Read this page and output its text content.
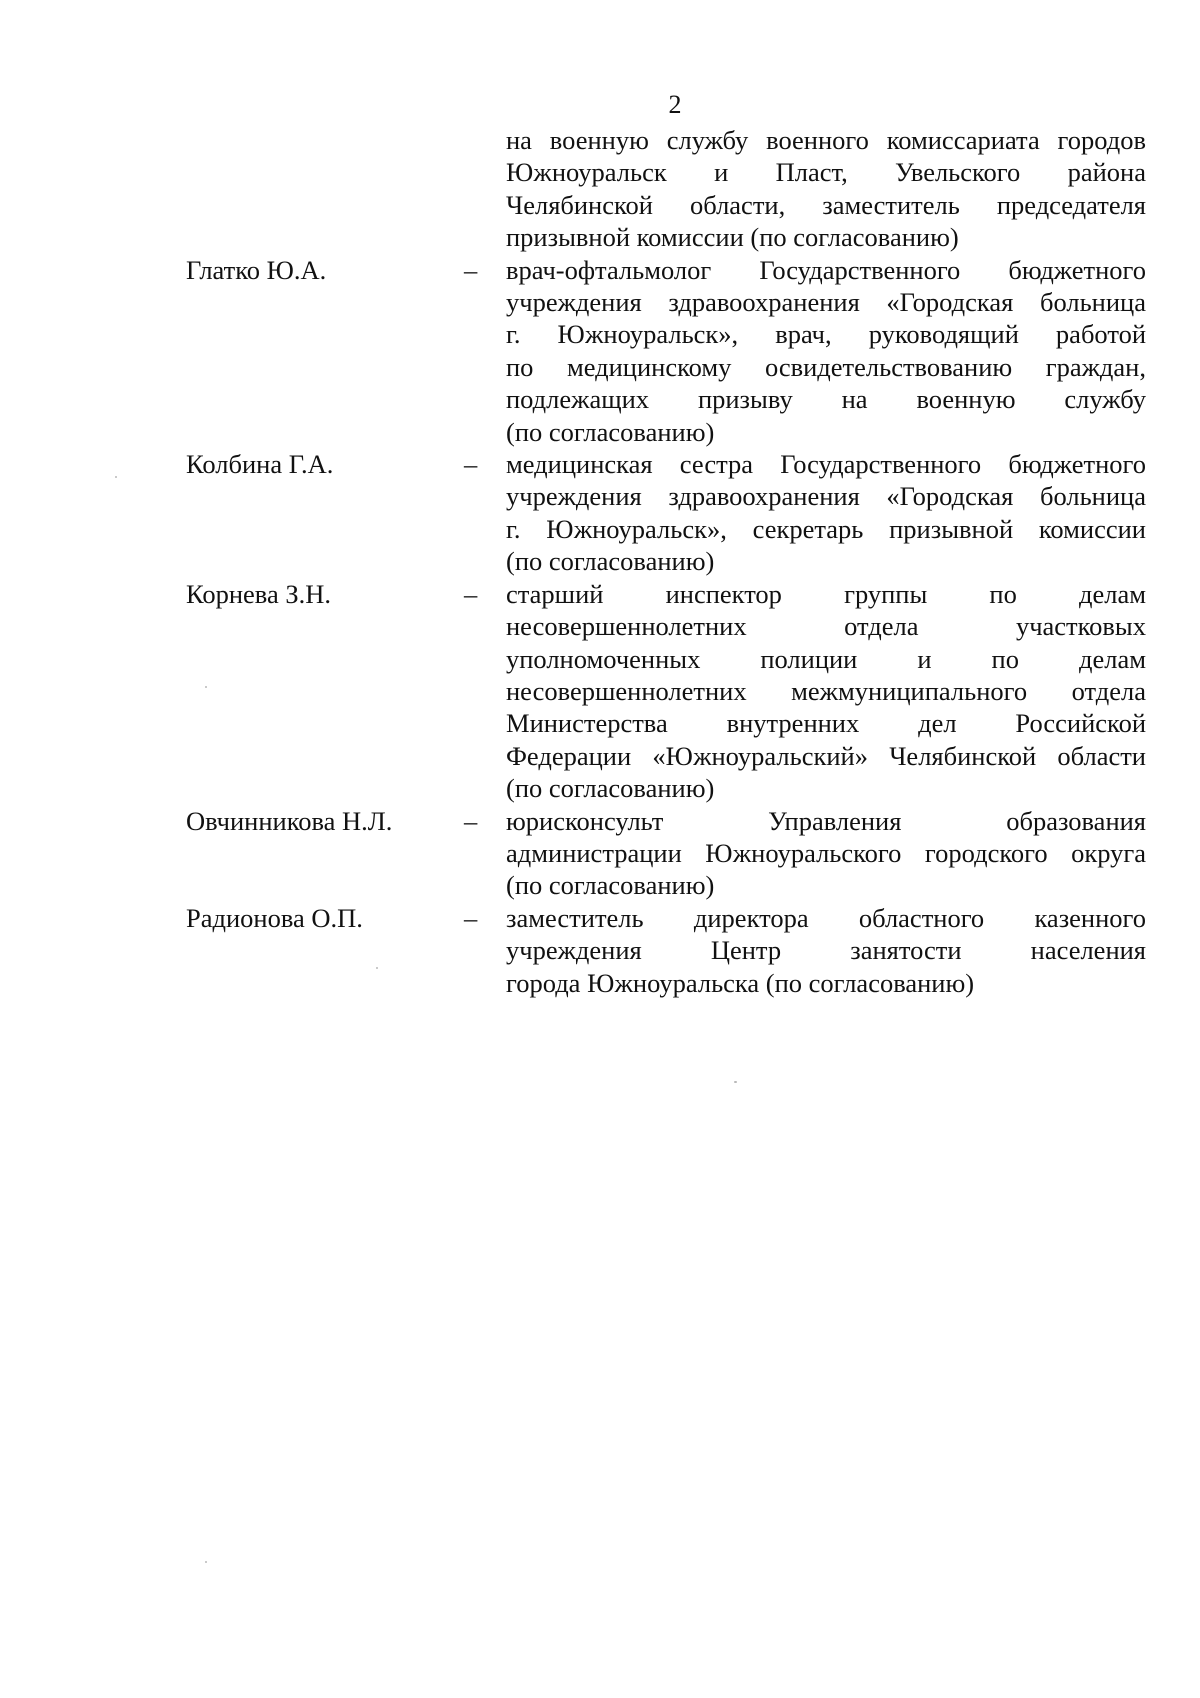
2
на военную службу военного комиссариата городов
Южноуральск и Пласт, Увельского района
Челябинской области, заместитель председателя
призывной комиссии (по согласованию)
Глатко Ю.А.	–	врач-офтальмолог Государственного бюджетного
учреждения здравоохранения «Городская больница
г. Южноуральск», врач, руководящий работой
по медицинскому освидетельствованию граждан,
подлежащих призыву на военную службу
(по согласованию)
Колбина Г.А.	–	медицинская сестра Государственного бюджетного
учреждения здравоохранения «Городская больница
г. Южноуральск», секретарь призывной комиссии
(по согласованию)
Корнева З.Н.	–	старший инспектор группы по делам
несовершеннолетних отдела участковых
уполномоченных полиции и по делам
несовершеннолетних межмуниципального отдела
Министерства внутренних дел Российской
Федерации «Южноуральский» Челябинской области
(по согласованию)
Овчинникова Н.Л.	–	юрисконсульт Управления образования
администрации Южноуральского городского округа
(по согласованию)
Радионова О.П.	–	заместитель директора областного казенного
учреждения Центр занятости населения
города Южноуральска (по согласованию)
